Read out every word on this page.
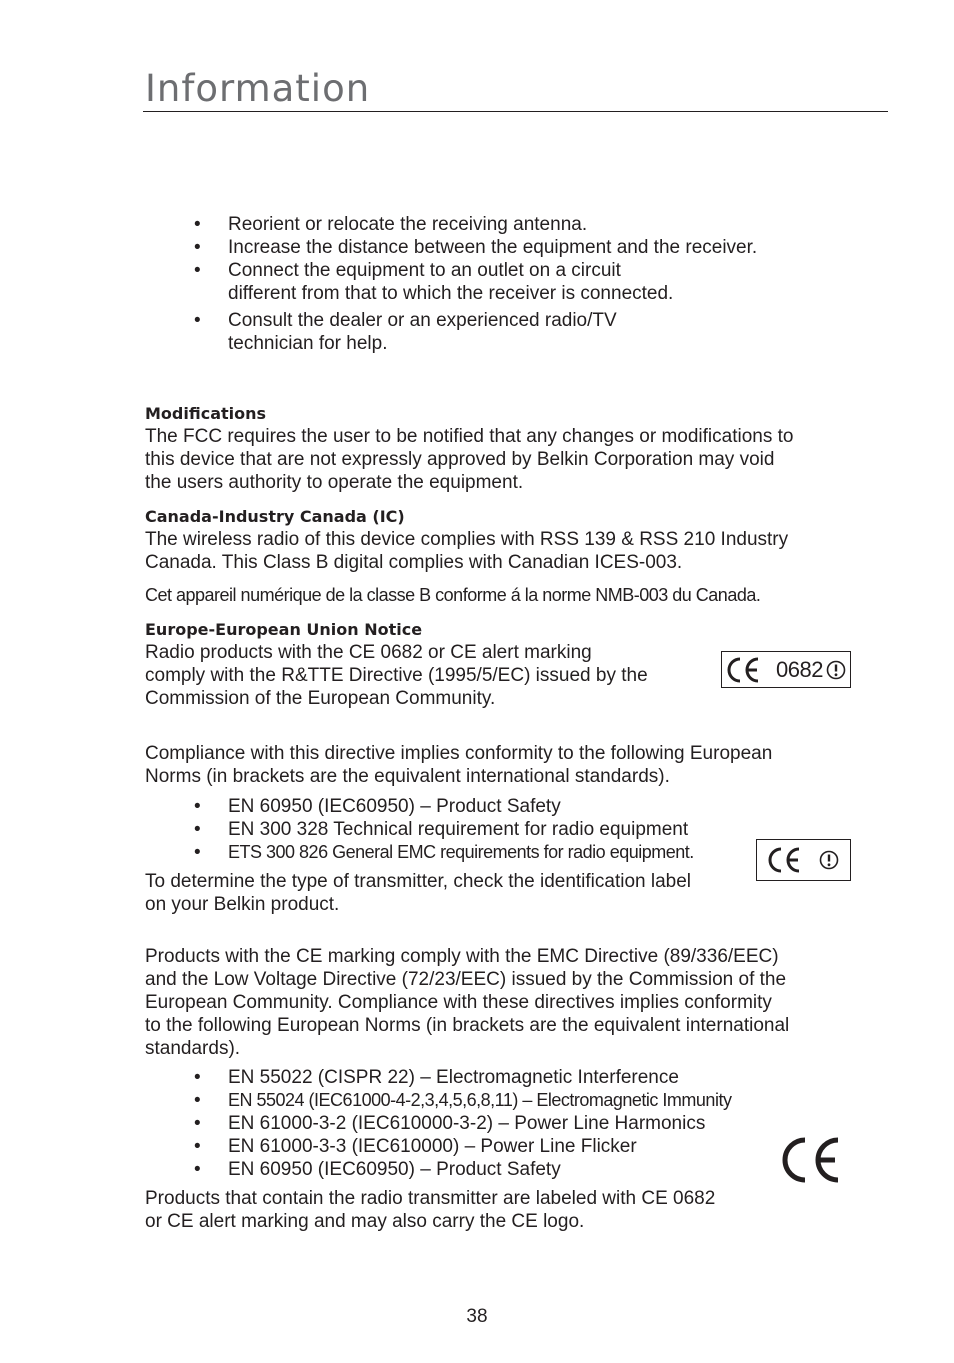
Information
• Reorient or relocate the receiving antenna.
• Increase the distance between the equipment and the receiver.
• Connect the equipment to an outlet on a circuit
different from that to which the receiver is connected.
• Consult the dealer or an experienced radio/TV
technician for help.

Modifications

The FCC requires the user to be notified that any changes or modifications to
this device that are not expressly approved by Belkin Corporation may void
the users authority to operate the equipment.

Canada-Industry Canada (IC)

The wireless radio of this device complies with RSS 139 & RSS 210 Industry
Canada. This Class B digital complies with Canadian ICES-003.

Cet appareil numérique de la classe B conforme á la norme NMB-003 du Canada.

Europe-European Union Notice

Radio products with the CE 0682 or CE alert marking
comply with the R&TTE Directive (1995/5/EC) issued by the
Commission of the European Community.

0682

Compliance with this directive implies conformity to the following European
Norms (in brackets are the equivalent international standards).

• EN 60950 (IEC60950) – Product Safety
• EN 300 328 Technical requirement for radio equipment
• ETS 300 826 General EMC requirements for radio equipment.

To determine the type of transmitter, check the identification label
on your Belkin product.

Products with the CE marking comply with the EMC Directive (89/336/EEC)
and the Low Voltage Directive (72/23/EEC) issued by the Commission of the
European Community. Compliance with these directives implies conformity
to the following European Norms (in brackets are the equivalent international
standards).

• EN 55022 (CISPR 22) – Electromagnetic Interference
• EN 55024 (IEC61000-4-2,3,4,5,6,8,11) – Electromagnetic Immunity
• EN 61000-3-2 (IEC610000-3-2) – Power Line Harmonics
• EN 61000-3-3 (IEC610000) – Power Line Flicker
• EN 60950 (IEC60950) – Product Safety

Products that contain the radio transmitter are labeled with CE 0682
or CE alert marking and may also carry the CE logo.

38
